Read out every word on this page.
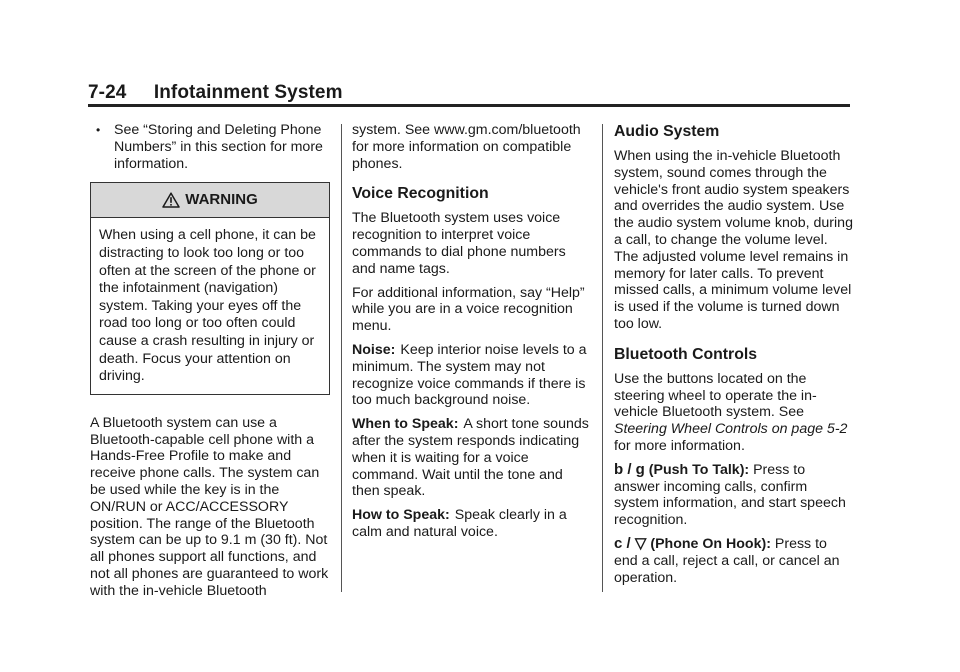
7-24 Infotainment System
• See “Storing and Deleting Phone Numbers” in this section for more information.
WARNING
When using a cell phone, it can be distracting to look too long or too often at the screen of the phone or the infotainment (navigation) system. Taking your eyes off the road too long or too often could cause a crash resulting in injury or death. Focus your attention on driving.

A Bluetooth system can use a Bluetooth-capable cell phone with a Hands-Free Profile to make and receive phone calls. The system can be used while the key is in the ON/RUN or ACC/ACCESSORY position. The range of the Bluetooth system can be up to 9.1 m (30 ft). Not all phones support all functions, and not all phones are guaranteed to work with the in-vehicle Bluetooth

system. See www.gm.com/bluetooth for more information on compatible phones.

Voice Recognition

The Bluetooth system uses voice recognition to interpret voice commands to dial phone numbers and name tags.

For additional information, say “Help” while you are in a voice recognition menu.

Noise: Keep interior noise levels to a minimum. The system may not recognize voice commands if there is too much background noise.

When to Speak: A short tone sounds after the system responds indicating when it is waiting for a voice command. Wait until the tone and then speak.

How to Speak: Speak clearly in a calm and natural voice.

Audio System

When using the in-vehicle Bluetooth system, sound comes through the vehicle's front audio system speakers and overrides the audio system. Use the audio system volume knob, during a call, to change the volume level. The adjusted volume level remains in memory for later calls. To prevent missed calls, a minimum volume level is used if the volume is turned down too low.

Bluetooth Controls

Use the buttons located on the steering wheel to operate the in-vehicle Bluetooth system. See Steering Wheel Controls on page 5-2 for more information.

b / g (Push To Talk): Press to answer incoming calls, confirm system information, and start speech recognition.

c / ▽ (Phone On Hook): Press to end a call, reject a call, or cancel an operation.
